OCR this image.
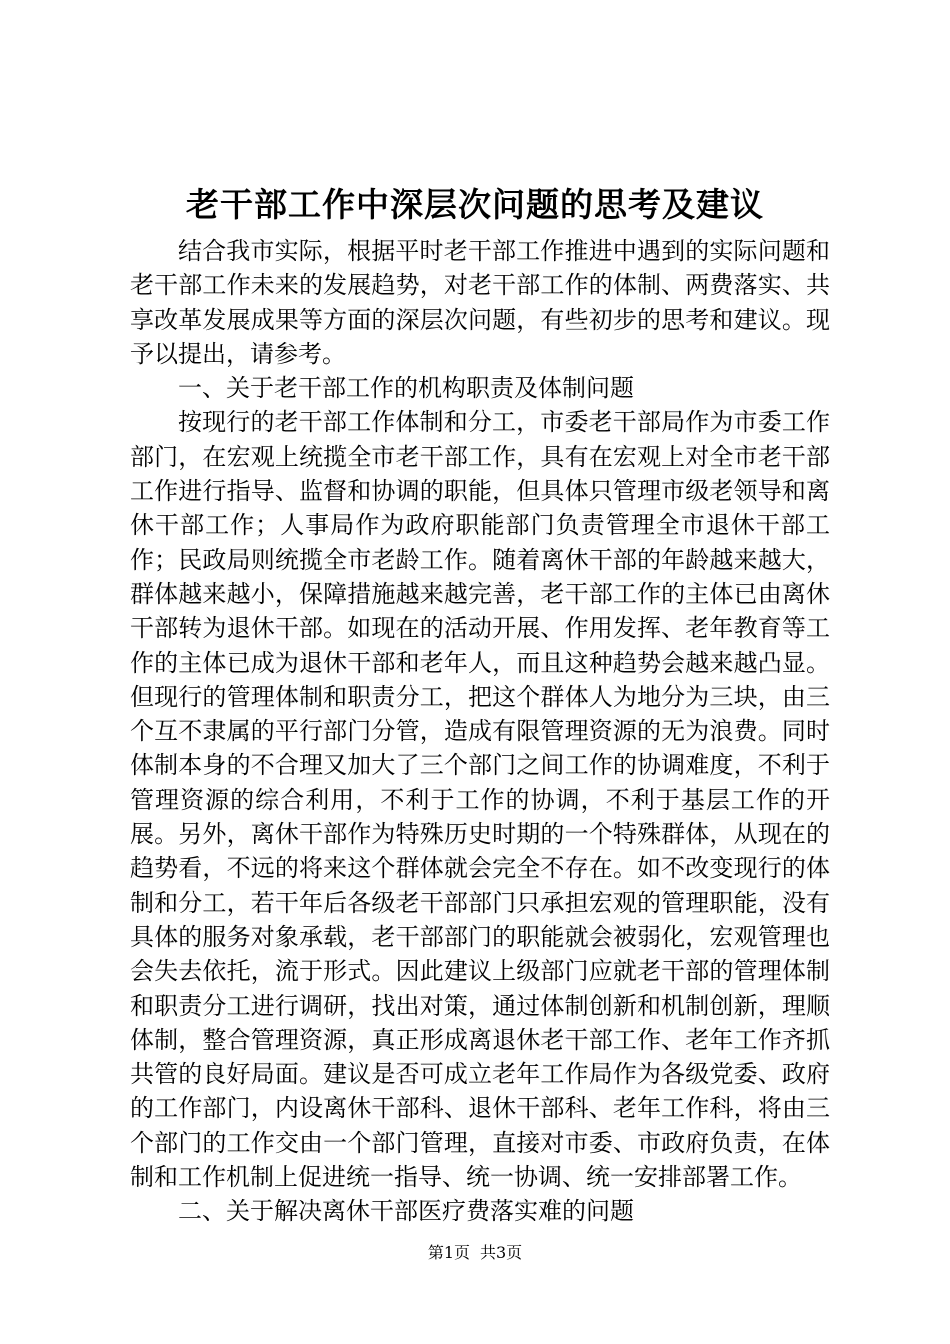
老干部工作中深层次问题的思考及建议

结合我市实际，根据平时老干部工作推进中遇到的实际问题和老干部工作未来的发展趋势，对老干部工作的体制、两费落实、共享改革发展成果等方面的深层次问题，有些初步的思考和建议。现予以提出，请参考。

一、关于老干部工作的机构职责及体制问题

按现行的老干部工作体制和分工，市委老干部局作为市委工作部门，在宏观上统揽全市老干部工作，具有在宏观上对全市老干部工作进行指导、监督和协调的职能，但具体只管理市级老领导和离休干部工作；人事局作为政府职能部门负责管理全市退休干部工作；民政局则统揽全市老龄工作。随着离休干部的年龄越来越大，群体越来越小，保障措施越来越完善，老干部工作的主体已由离休干部转为退休干部。如现在的活动开展、作用发挥、老年教育等工作的主体已成为退休干部和老年人，而且这种趋势会越来越凸显。但现行的管理体制和职责分工，把这个群体人为地分为三块，由三个互不隶属的平行部门分管，造成有限管理资源的无为浪费。同时体制本身的不合理又加大了三个部门之间工作的协调难度，不利于管理资源的综合利用，不利于工作的协调，不利于基层工作的开展。另外，离休干部作为特殊历史时期的一个特殊群体，从现在的趋势看，不远的将来这个群体就会完全不存在。如不改变现行的体制和分工，若干年后各级老干部部门只承担宏观的管理职能，没有具体的服务对象承载，老干部部门的职能就会被弱化，宏观管理也会失去依托，流于形式。因此建议上级部门应就老干部的管理体制和职责分工进行调研，找出对策，通过体制创新和机制创新，理顺体制，整合管理资源，真正形成离退休老干部工作、老年工作齐抓共管的良好局面。建议是否可成立老年工作局作为各级党委、政府的工作部门，内设离休干部科、退休干部科、老年工作科，将由三个部门的工作交由一个部门管理，直接对市委、市政府负责，在体制和工作机制上促进统一指导、统一协调、统一安排部署工作。

二、关于解决离休干部医疗费落实难的问题

第1页 共3页
